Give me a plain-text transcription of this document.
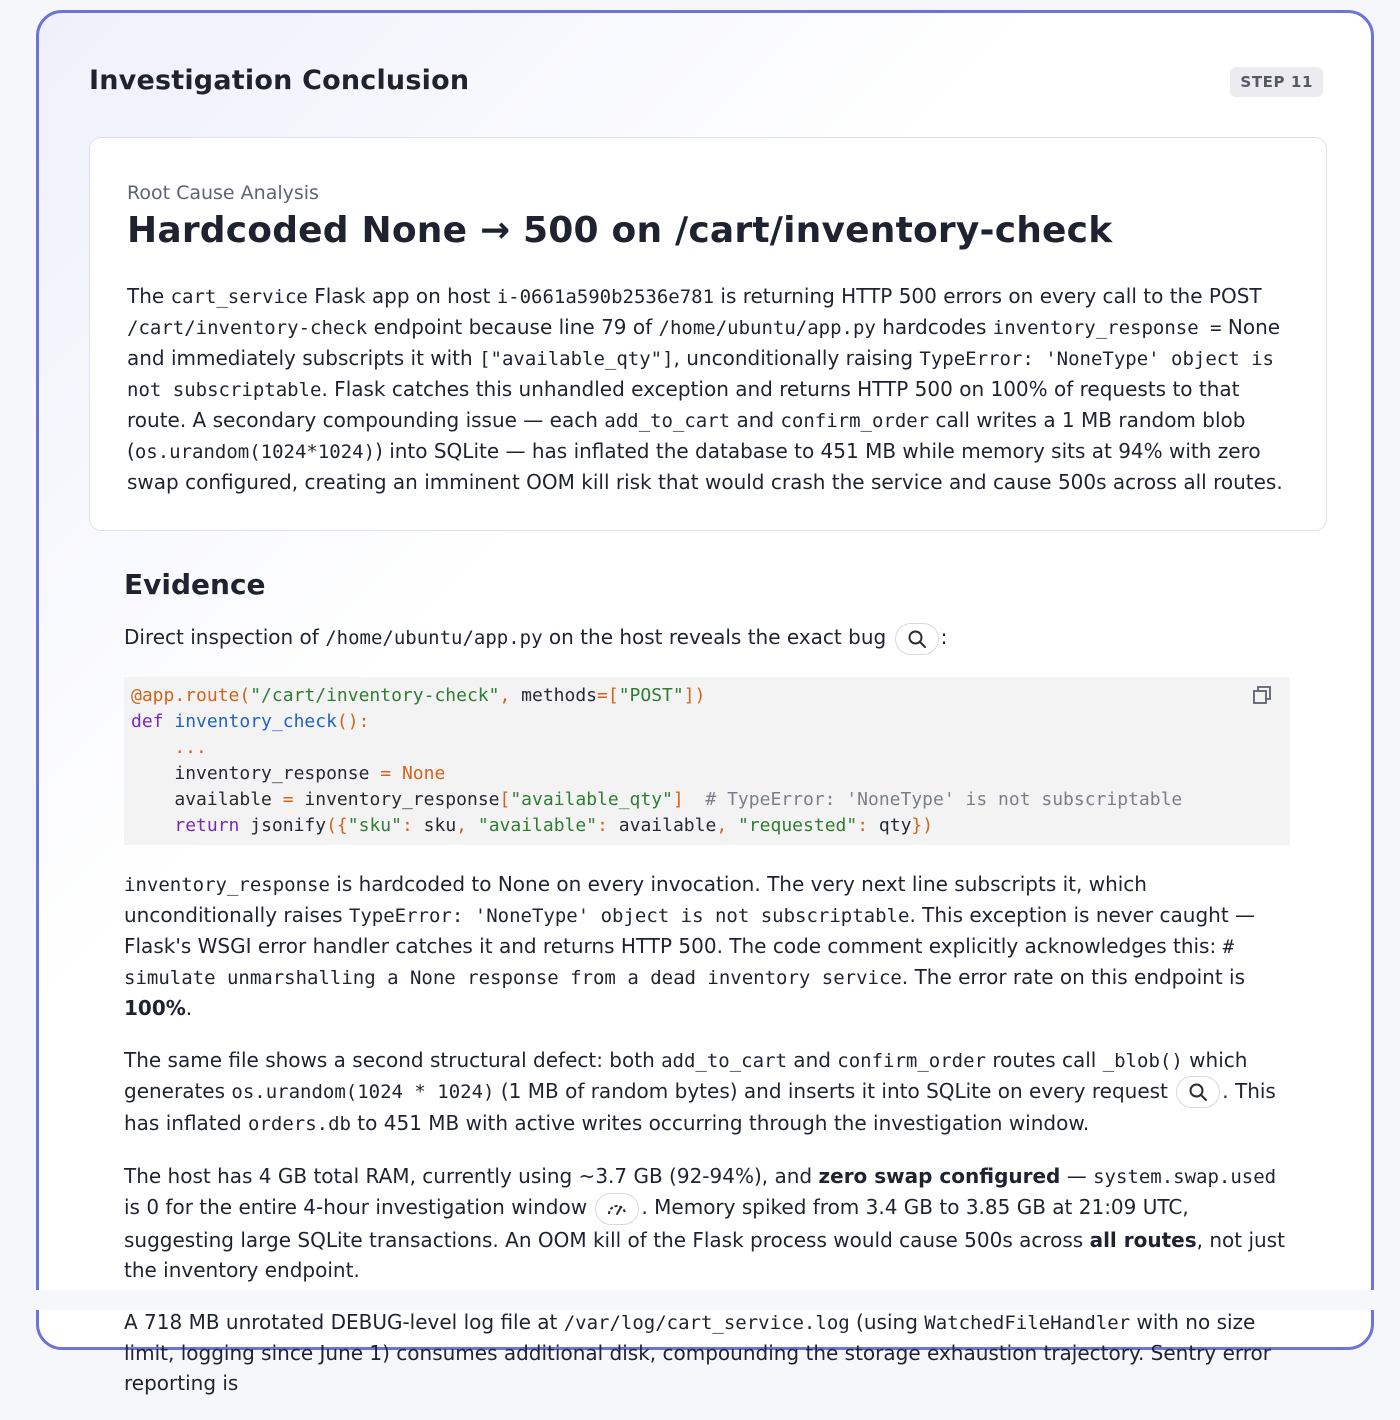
Investigation Conclusion	STEP 11
Root Cause Analysis
Hardcoded None → 500 on /cart/inventory-check
The cart_service Flask app on host i-0661a590b2536e781 is returning HTTP 500 errors on every call to the POST /cart/inventory-check endpoint because line 79 of /home/ubuntu/app.py hardcodes inventory_response = None and immediately subscripts it with ["available_qty"], unconditionally raising TypeError: 'NoneType' object is not subscriptable. Flask catches this unhandled exception and returns HTTP 500 on 100% of requests to that route. A secondary compounding issue — each add_to_cart and confirm_order call writes a 1 MB random blob (os.urandom(1024*1024)) into SQLite — has inflated the database to 451 MB while memory sits at 94% with zero swap configured, creating an imminent OOM kill risk that would crash the service and cause 500s across all routes.
Evidence

Direct inspection of /home/ubuntu/app.py on the host reveals the exact bug	:

@app.route("/cart/inventory-check", methods=["POST"])
def inventory_check():
...
inventory_response = None
available = inventory_response["available_qty"]  # TypeError: 'NoneType' is not subscriptable
return jsonify({"sku": sku, "available": available, "requested": qty})

inventory_response is hardcoded to None on every invocation. The very next line subscripts it, which unconditionally raises TypeError: 'NoneType' object is not subscriptable. This exception is never caught — Flask's WSGI error handler catches it and returns HTTP 500. The code comment explicitly acknowledges this: # simulate unmarshalling a None response from a dead inventory service. The error rate on this endpoint is 100%.

The same file shows a second structural defect: both add_to_cart and confirm_order routes call _blob() which generates os.urandom(1024 * 1024) (1 MB of random bytes) and inserts it into SQLite on every request	. This has inflated orders.db to 451 MB with active writes occurring through the investigation window.

The host has 4 GB total RAM, currently using ~3.7 GB (92-94%), and zero swap configured — system.swap.used is 0 for the entire 4-hour investigation window	. Memory spiked from 3.4 GB to 3.85 GB at 21:09 UTC, suggesting large SQLite transactions. An OOM kill of the Flask process would cause 500s across all routes, not just the inventory endpoint.

A 718 MB unrotated DEBUG-level log file at /var/log/cart_service.log (using WatchedFileHandler with no size limit, logging since June 1) consumes additional disk, compounding the storage exhaustion trajectory. Sentry error reporting is
